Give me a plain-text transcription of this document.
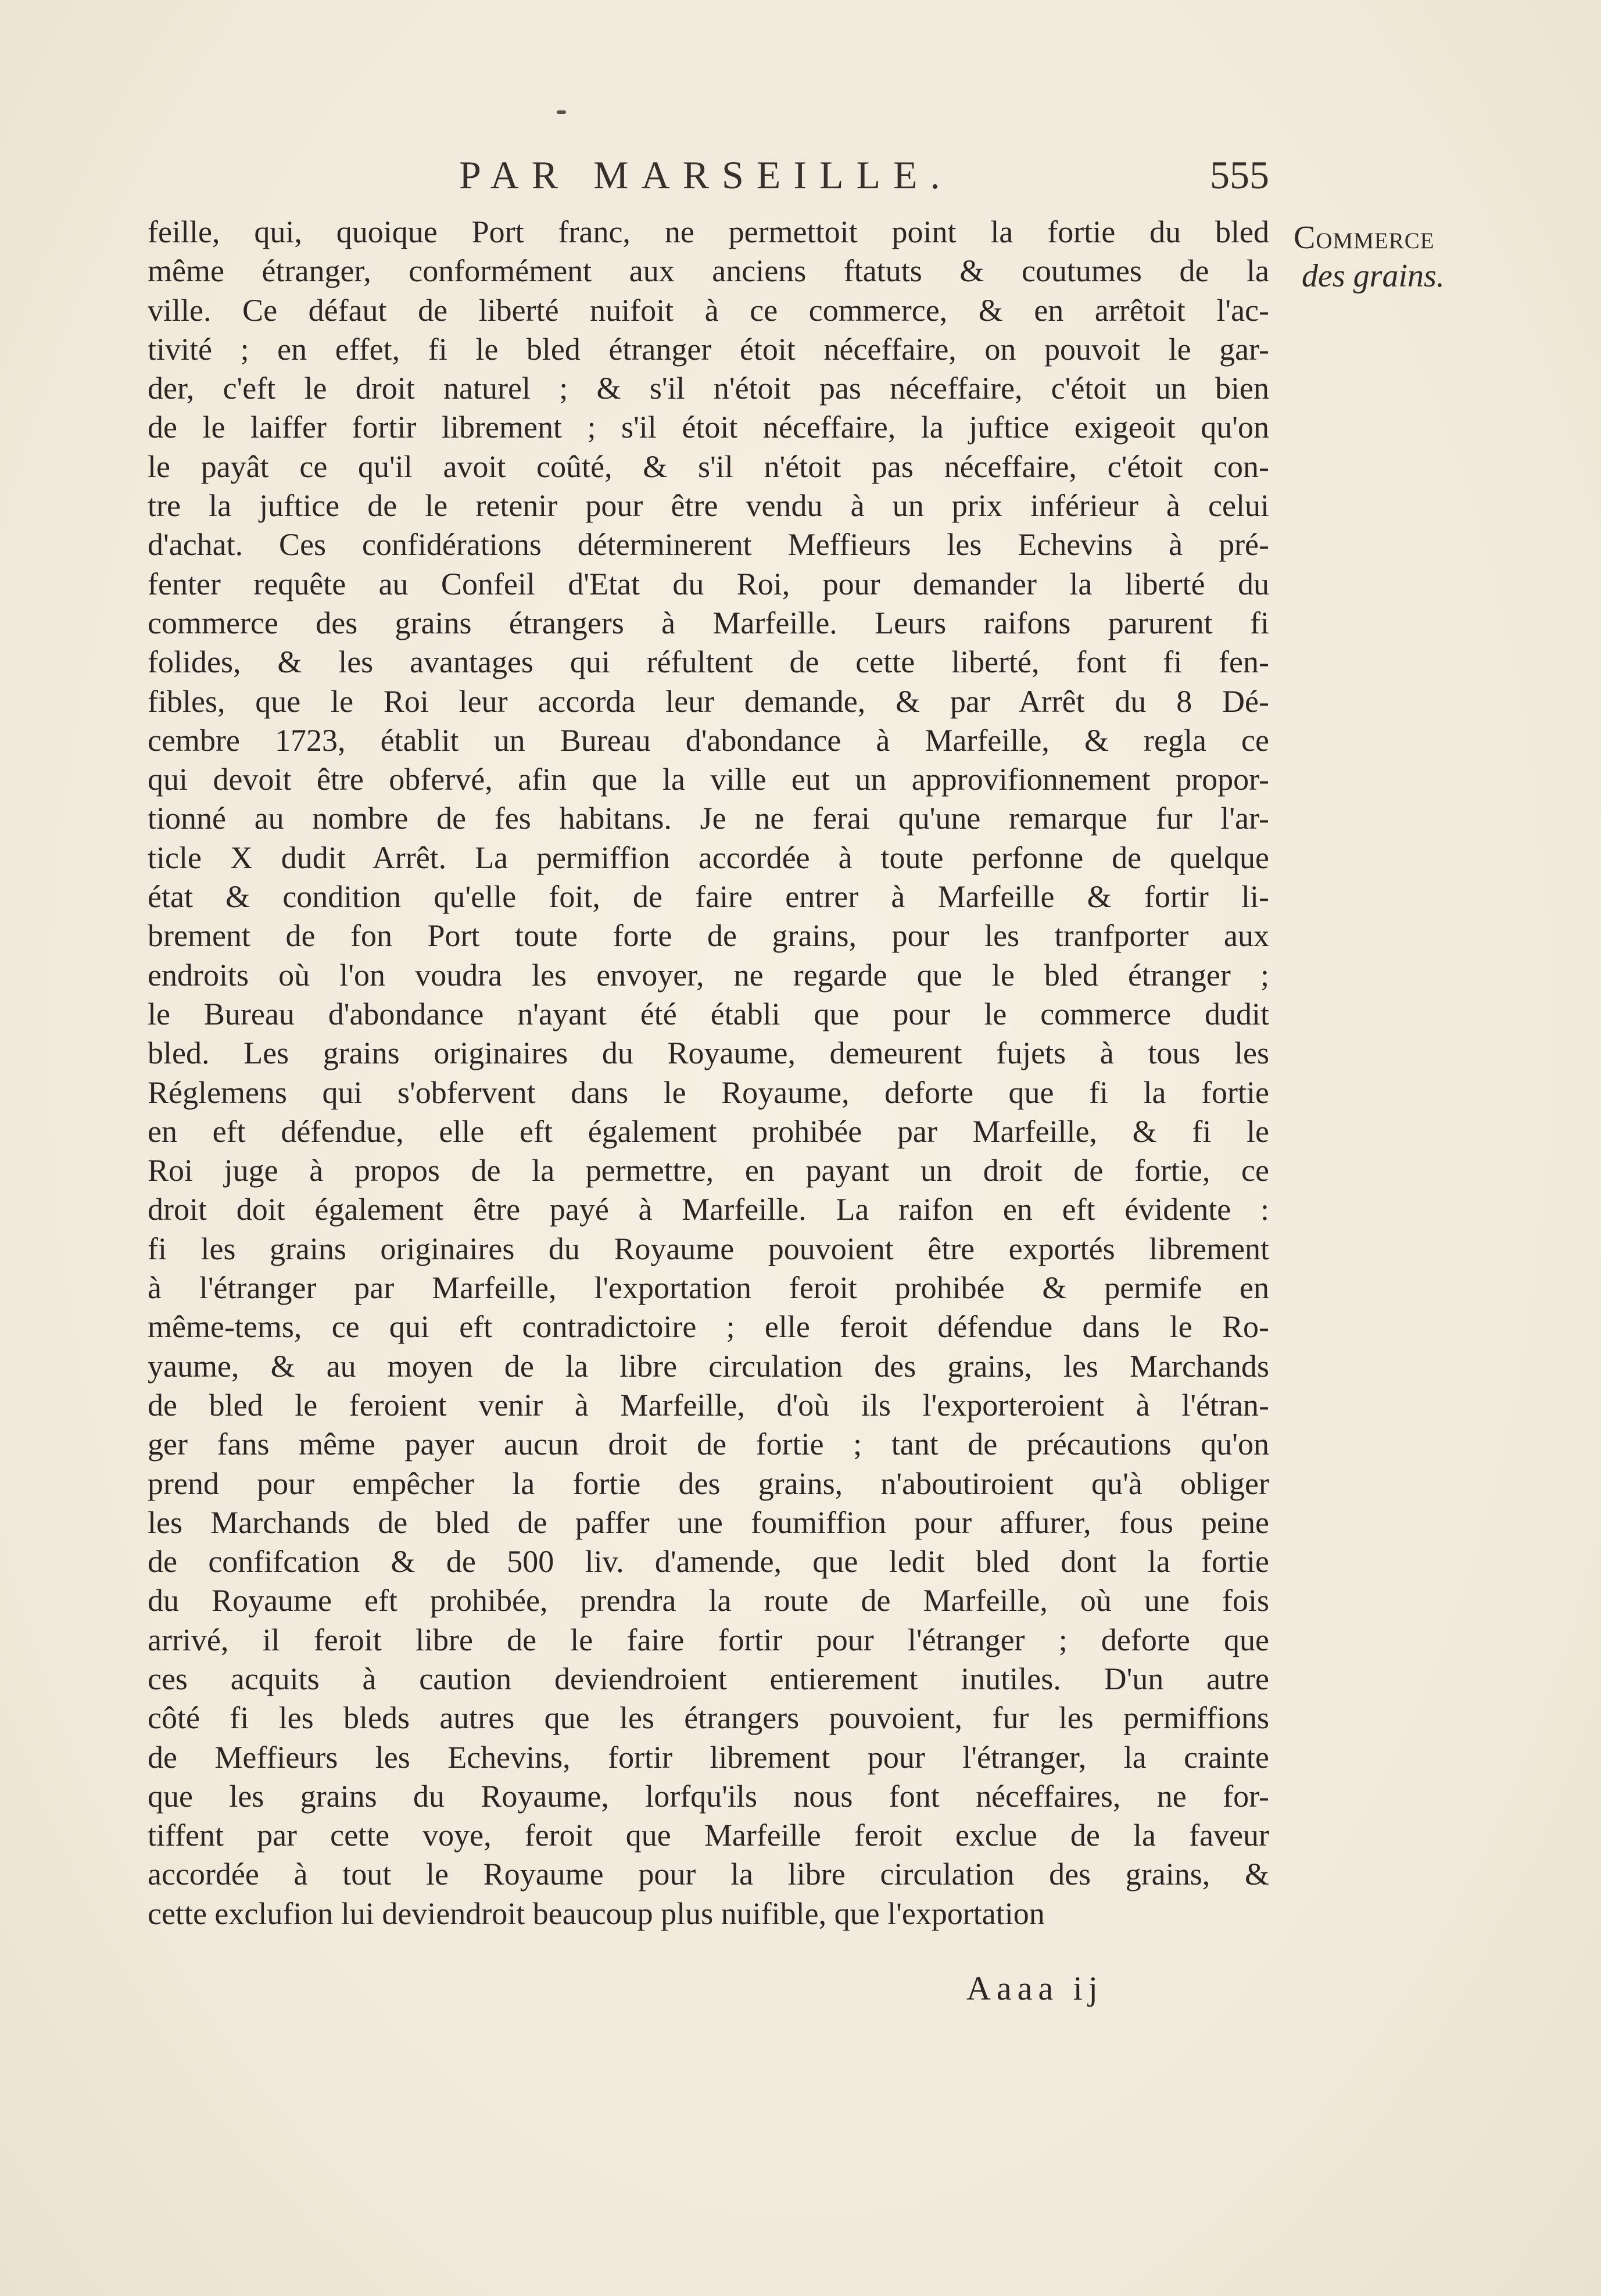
PAR MARSEILLE.	555
Commerce
des grains.
feille, qui, quoique Port franc, ne permettoit point la fortie du bled
même étranger, conformément aux anciens ftatuts & coutumes de la
ville. Ce défaut de liberté nuifoit à ce commerce, & en arrêtoit l'ac-
tivité ; en effet, fi le bled étranger étoit néceffaire, on pouvoit le gar-
der, c'eft le droit naturel ; & s'il n'étoit pas néceffaire, c'étoit un bien
de le laiffer fortir librement ; s'il étoit néceffaire, la juftice exigeoit qu'on
le payât ce qu'il avoit coûté, & s'il n'étoit pas néceffaire, c'étoit con-
tre la juftice de le retenir pour être vendu à un prix inférieur à celui
d'achat. Ces confidérations déterminerent Meffieurs les Echevins à pré-
fenter requête au Confeil d'Etat du Roi, pour demander la liberté du
commerce des grains étrangers à Marfeille. Leurs raifons parurent fi
folides, & les avantages qui réfultent de cette liberté, font fi fen-
fibles, que le Roi leur accorda leur demande, & par Arrêt du 8 Dé-
cembre 1723, établit un Bureau d'abondance à Marfeille, & regla ce
qui devoit être obfervé, afin que la ville eut un approvifionnement propor-
tionné au nombre de fes habitans. Je ne ferai qu'une remarque fur l'ar-
ticle X dudit Arrêt. La permiffion accordée à toute perfonne de quelque
état & condition qu'elle foit, de faire entrer à Marfeille & fortir li-
brement de fon Port toute forte de grains, pour les tranfporter aux
endroits où l'on voudra les envoyer, ne regarde que le bled étranger ;
le Bureau d'abondance n'ayant été établi que pour le commerce dudit
bled. Les grains originaires du Royaume, demeurent fujets à tous les
Réglemens qui s'obfervent dans le Royaume, deforte que fi la fortie
en eft défendue, elle eft également prohibée par Marfeille, & fi le
Roi juge à propos de la permettre, en payant un droit de fortie, ce
droit doit également être payé à Marfeille. La raifon en eft évidente :
fi les grains originaires du Royaume pouvoient être exportés librement
à l'étranger par Marfeille, l'exportation feroit prohibée & permife en
même-tems, ce qui eft contradictoire ; elle feroit défendue dans le Ro-
yaume, & au moyen de la libre circulation des grains, les Marchands
de bled le feroient venir à Marfeille, d'où ils l'exporteroient à l'étran-
ger fans même payer aucun droit de fortie ; tant de précautions qu'on
prend pour empêcher la fortie des grains, n'aboutiroient qu'à obliger
les Marchands de bled de paffer une foumiffion pour affurer, fous peine
de confifcation & de 500 liv. d'amende, que ledit bled dont la fortie
du Royaume eft prohibée, prendra la route de Marfeille, où une fois
arrivé, il feroit libre de le faire fortir pour l'étranger ; deforte que
ces acquits à caution deviendroient entierement inutiles. D'un autre
côté fi les bleds autres que les étrangers pouvoient, fur les permiffions
de Meffieurs les Echevins, fortir librement pour l'étranger, la crainte
que les grains du Royaume, lorfqu'ils nous font néceffaires, ne for-
tiffent par cette voye, feroit que Marfeille feroit exclue de la faveur
accordée à tout le Royaume pour la libre circulation des grains, &
cette exclufion lui deviendroit beaucoup plus nuifible, que l'exportation
Aaaa ij
